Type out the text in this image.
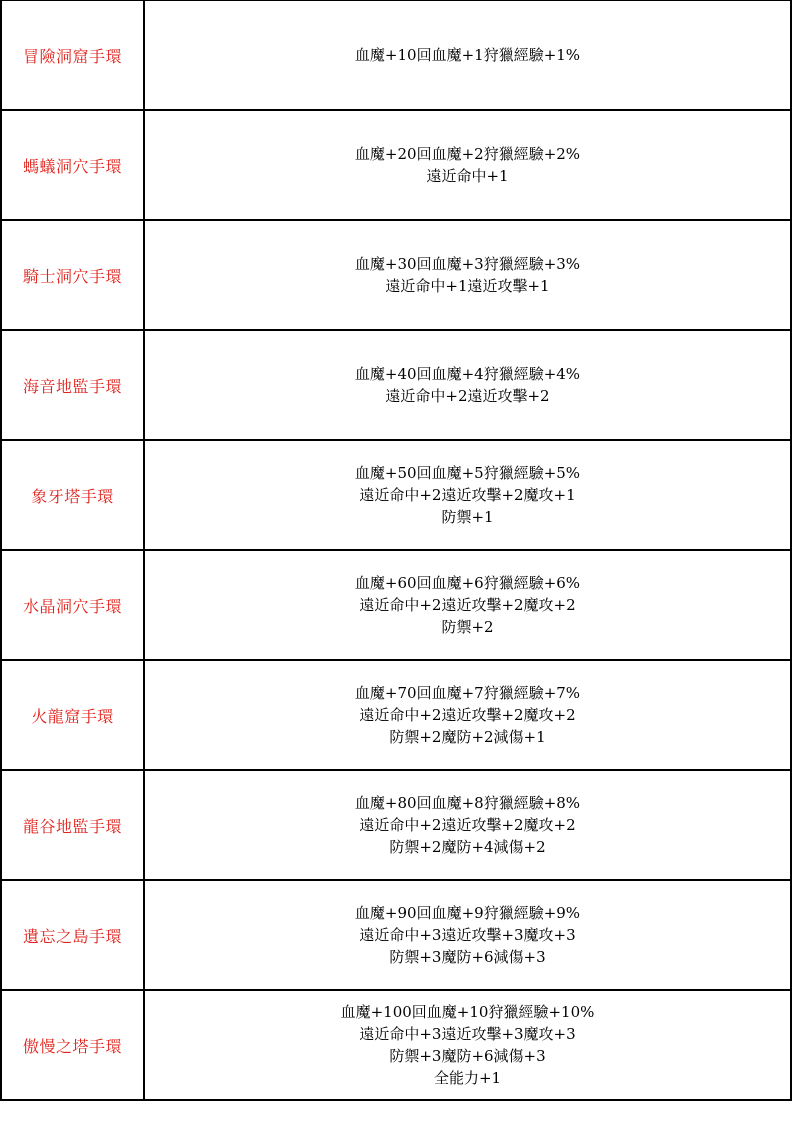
冒險洞窟手環	血魔+10回血魔+1狩獵經驗+1%

螞蟻洞穴手環	血魔+20回血魔+2狩獵經驗+2%
遠近命中+1

騎士洞穴手環	血魔+30回血魔+3狩獵經驗+3%
遠近命中+1遠近攻擊+1

海音地監手環	血魔+40回血魔+4狩獵經驗+4%
遠近命中+2遠近攻擊+2

象牙塔手環	血魔+50回血魔+5狩獵經驗+5%
遠近命中+2遠近攻擊+2魔攻+1
防禦+1

水晶洞穴手環	血魔+60回血魔+6狩獵經驗+6%
遠近命中+2遠近攻擊+2魔攻+2
防禦+2

火龍窟手環	血魔+70回血魔+7狩獵經驗+7%
遠近命中+2遠近攻擊+2魔攻+2
防禦+2魔防+2減傷+1

龍谷地監手環	血魔+80回血魔+8狩獵經驗+8%
遠近命中+2遠近攻擊+2魔攻+2
防禦+2魔防+4減傷+2

遺忘之島手環	血魔+90回血魔+9狩獵經驗+9%
遠近命中+3遠近攻擊+3魔攻+3
防禦+3魔防+6減傷+3

傲慢之塔手環	血魔+100回血魔+10狩獵經驗+10%
遠近命中+3遠近攻擊+3魔攻+3
防禦+3魔防+6減傷+3
全能力+1
